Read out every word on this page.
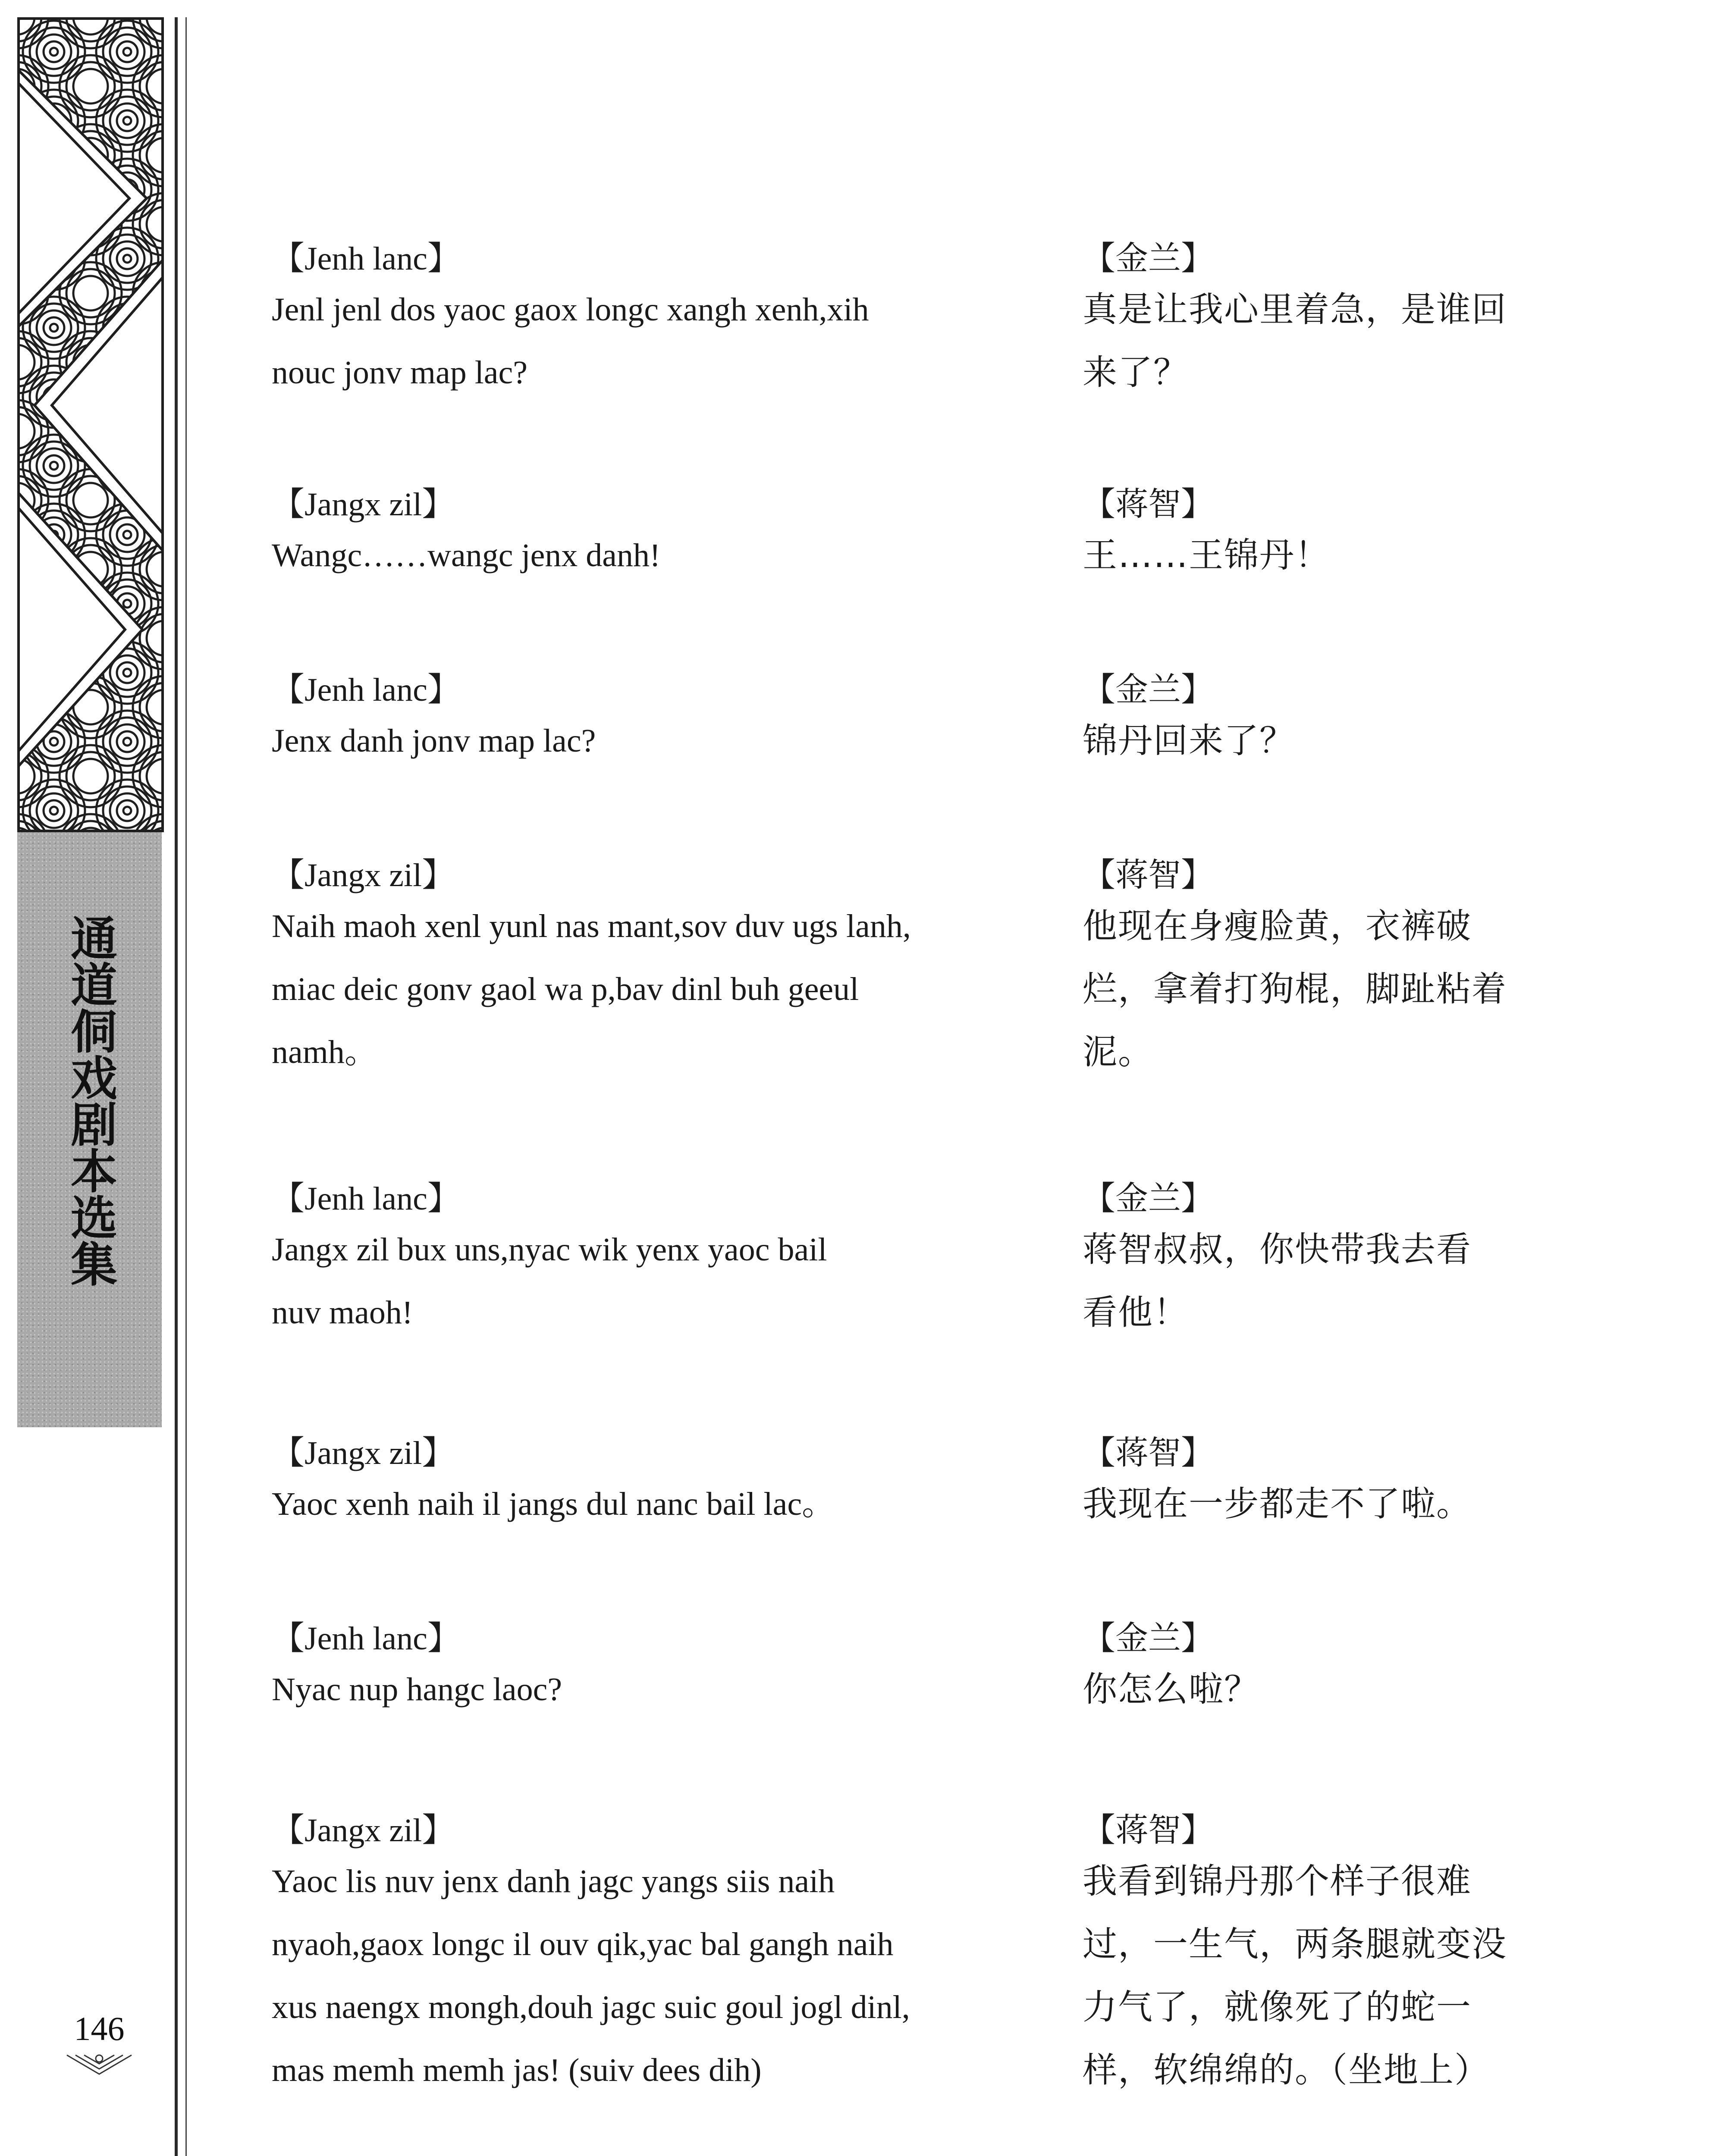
通
道
侗
戏
剧
本
选
集
146

【Jenh lanc】

Jenl jenl dos yaoc gaox longc xangh xenh,xih

nouc jonv map lac?

【金兰】

真是让我心里着急，是谁回

来了？

【Jangx zil】

Wangc……wangc jenx danh!

【蒋智】

王……王锦丹！

【Jenh lanc】

Jenx danh jonv map lac?

【金兰】

锦丹回来了？

【Jangx zil】

Naih maoh xenl yunl nas mant,sov duv ugs lanh,

miac deic gonv gaol wa p,bav dinl buh geeul

namh。

【蒋智】

他现在身瘦脸黄，衣裤破

烂，拿着打狗棍，脚趾粘着

泥。

【Jenh lanc】

Jangx zil bux uns,nyac wik yenx yaoc bail

nuv maoh!

【金兰】

蒋智叔叔，你快带我去看

看他！

【Jangx zil】

Yaoc xenh naih il jangs dul nanc bail lac。

【蒋智】

我现在一步都走不了啦。

【Jenh lanc】

Nyac nup hangc laoc?

【金兰】

你怎么啦？

【Jangx zil】

Yaoc lis nuv jenx danh jagc yangs siis naih

nyaoh,gaox longc il ouv qik,yac bal gangh naih

xus naengx mongh,douh jagc suic goul jogl dinl,

mas memh memh jas! (suiv dees dih)

【蒋智】

我看到锦丹那个样子很难

过，一生气，两条腿就变没

力气了，就像死了的蛇一

样，软绵绵的。（坐地上）
